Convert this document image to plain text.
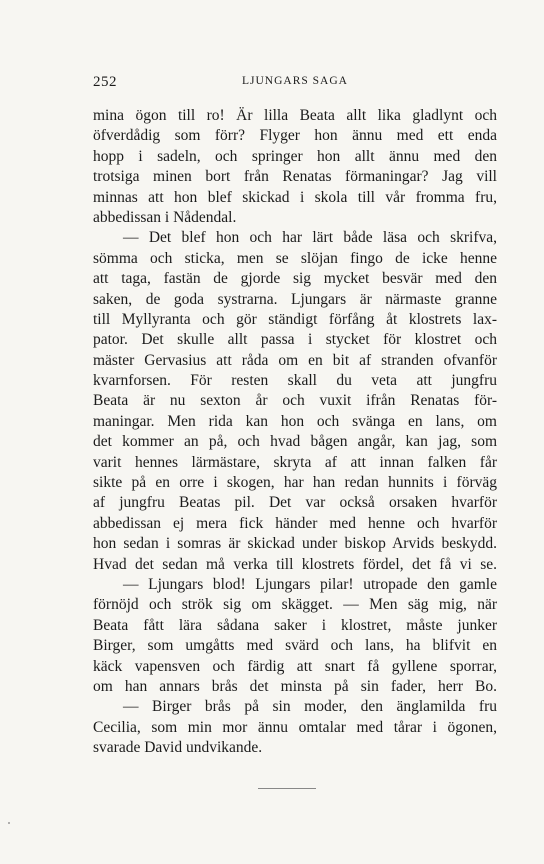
252	LJUNGARS SAGA
mina ögon till ro! Är lilla Beata allt lika gladlynt och
öfverdådig som förr? Flyger hon ännu med ett enda
hopp i sadeln, och springer hon allt ännu med den
trotsiga minen bort från Renatas förmaningar? Jag vill
minnas att hon blef skickad i skola till vår fromma fru,
abbedissan i Nådendal.
— Det blef hon och har lärt både läsa och skrifva,
sömma och sticka, men se slöjan fingo de icke henne
att taga, fastän de gjorde sig mycket besvär med den
saken, de goda systrarna. Ljungars är närmaste granne
till Myllyranta och gör ständigt förfång åt klostrets lax-
pator. Det skulle allt passa i stycket för klostret och
mäster Gervasius att råda om en bit af stranden ofvanför
kvarnforsen. För resten skall du veta att jungfru
Beata är nu sexton år och vuxit ifrån Renatas för-
maningar. Men rida kan hon och svänga en lans, om
det kommer an på, och hvad bågen angår, kan jag, som
varit hennes lärmästare, skryta af att innan falken får
sikte på en orre i skogen, har han redan hunnits i förväg
af jungfru Beatas pil. Det var också orsaken hvarför
abbedissan ej mera fick händer med henne och hvarför
hon sedan i somras är skickad under biskop Arvids beskydd.
Hvad det sedan må verka till klostrets fördel, det få vi se.
— Ljungars blod! Ljungars pilar! utropade den gamle
förnöjd och strök sig om skägget. — Men säg mig, när
Beata fått lära sådana saker i klostret, måste junker
Birger, som umgåtts med svärd och lans, ha blifvit en
käck vapensven och färdig att snart få gyllene sporrar,
om han annars brås det minsta på sin fader, herr Bo.
— Birger brås på sin moder, den änglamilda fru
Cecilia, som min mor ännu omtalar med tårar i ögonen,
svarade David undvikande.
